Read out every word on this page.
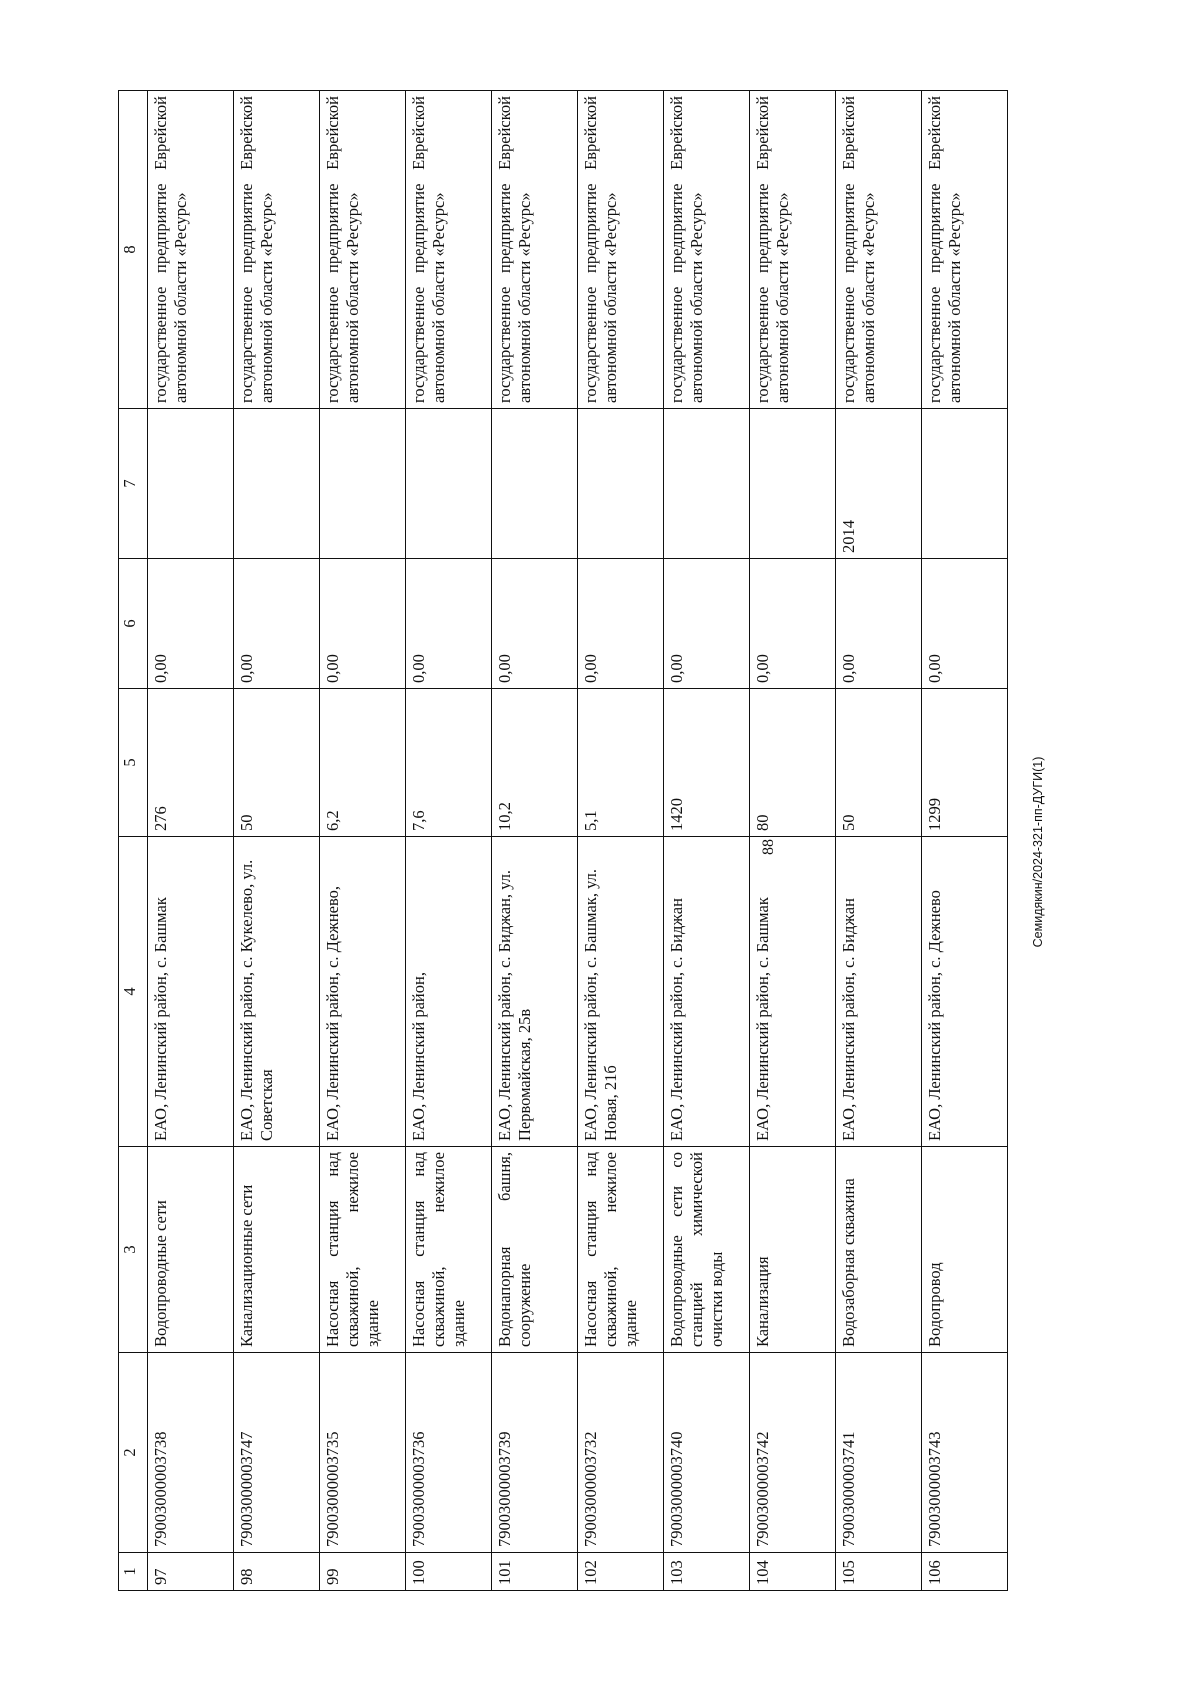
88	Семидякин/2024-321-пп-ДУГИ(1)
1	2	3	4	5	6	7	8
97	79003000003738	Водопроводные сети	ЕАО, Ленинский район, с. Башмак	276	0,00		государственное предприятие Еврейской автономной области «Ресурс»
98	79003000003747	Канализационные сети	ЕАО, Ленинский район, с. Кукелево, ул. Советская	50	0,00		государственное предприятие Еврейской автономной области «Ресурс»
99	79003000003735	Насосная станция над скважиной, нежилое здание	ЕАО, Ленинский район, с. Дежнево,	6,2	0,00		государственное предприятие Еврейской автономной области «Ресурс»
100	79003000003736	Насосная станция над скважиной, нежилое здание	ЕАО, Ленинский район,	7,6	0,00		государственное предприятие Еврейской автономной области «Ресурс»
101	79003000003739	Водонапорная башня, сооружение	ЕАО, Ленинский район, с. Биджан, ул. Первомайская, 25в	10,2	0,00		государственное предприятие Еврейской автономной области «Ресурс»
102	79003000003732	Насосная станция над скважиной, нежилое здание	ЕАО, Ленинский район, с. Башмак, ул. Новая, 21б	5,1	0,00		государственное предприятие Еврейской автономной области «Ресурс»
103	79003000003740	Водопроводные сети со станцией химической очистки воды	ЕАО, Ленинский район, с. Биджан	1420	0,00		государственное предприятие Еврейской автономной области «Ресурс»
104	79003000003742	Канализация	ЕАО, Ленинский район, с. Башмак	80	0,00		государственное предприятие Еврейской автономной области «Ресурс»
105	79003000003741	Водозаборная скважина	ЕАО, Ленинский район, с. Биджан	50	0,00	2014	государственное предприятие Еврейской автономной области «Ресурс»
106	79003000003743	Водопровод	ЕАО, Ленинский район, с. Дежнево	1299	0,00		государственное предприятие Еврейской автономной области «Ресурс»
